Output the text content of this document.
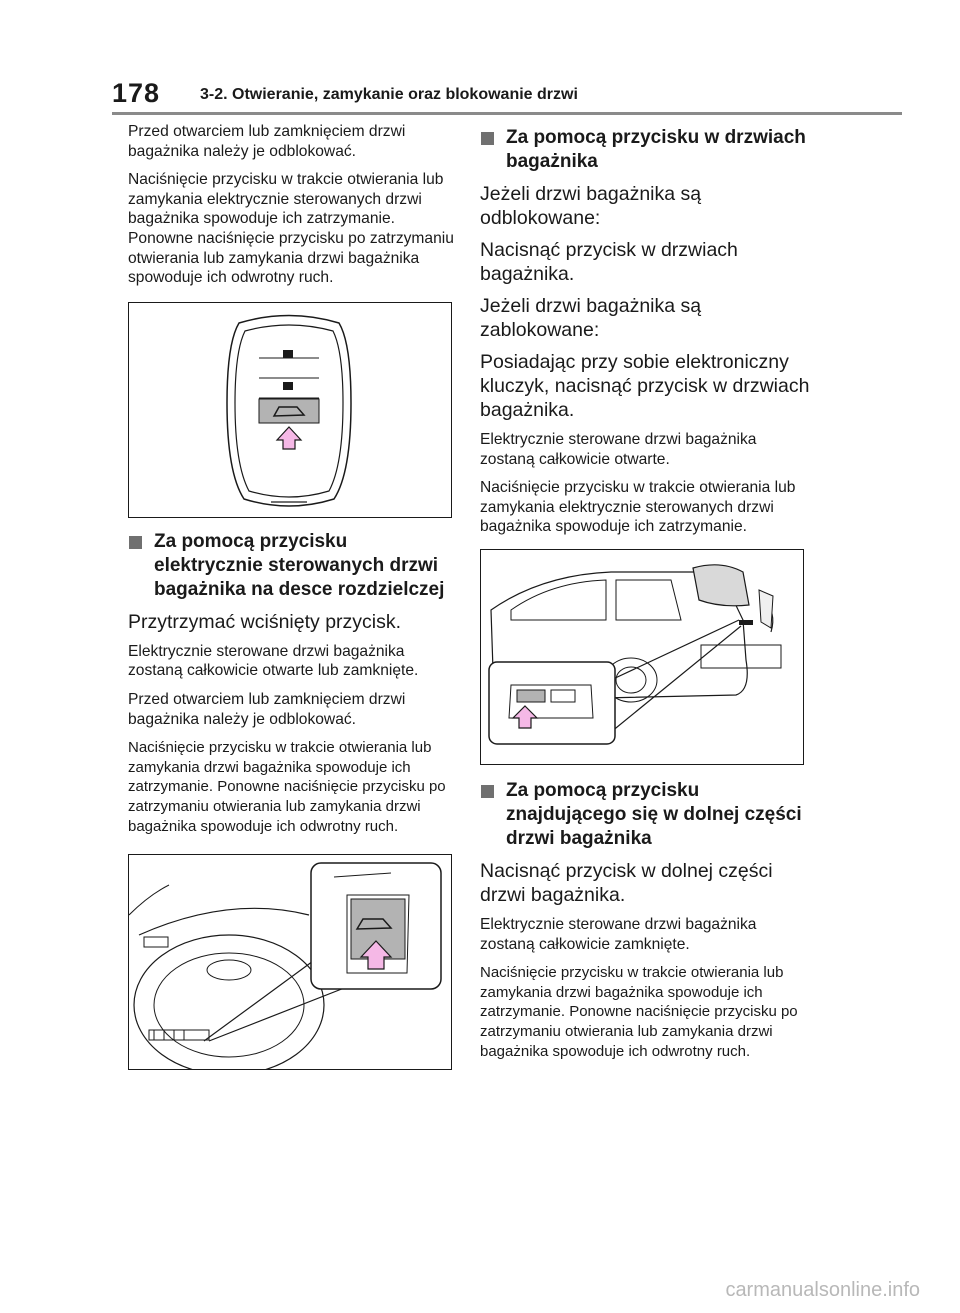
178 3-2. Otwieranie, zamykanie oraz blokowanie drzwi

Przed otwarciem lub zamknięciem drzwi bagażnika należy je odblokować.

Naciśnięcie przycisku w trakcie otwierania lub zamykania elektrycznie sterowanych drzwi bagażnika spowoduje ich zatrzymanie. Ponowne naciśnięcie przycisku po zatrzymaniu otwierania lub zamykania drzwi bagażnika spowoduje ich odwrotny ruch.

Za pomocą przycisku elektrycznie sterowanych drzwi bagażnika na desce rozdzielczej

Przytrzymać wciśnięty przycisk.

Elektrycznie sterowane drzwi bagażnika zostaną całkowicie otwarte lub zamknięte.

Przed otwarciem lub zamknięciem drzwi bagażnika należy je odblokować.

Naciśnięcie przycisku w trakcie otwierania lub zamykania drzwi bagażnika spowoduje ich zatrzymanie. Ponowne naciśnięcie przycisku po zatrzymaniu otwierania lub zamykania drzwi bagażnika spowoduje ich odwrotny ruch.

Za pomocą przycisku w drzwiach bagażnika

Jeżeli drzwi bagażnika są odblokowane:

Nacisnąć przycisk w drzwiach bagażnika.

Jeżeli drzwi bagażnika są zablokowane:

Posiadając przy sobie elektroniczny kluczyk, nacisnąć przycisk w drzwiach bagażnika.

Elektrycznie sterowane drzwi bagażnika zostaną całkowicie otwarte.

Naciśnięcie przycisku w trakcie otwierania lub zamykania elektrycznie sterowanych drzwi bagażnika spowoduje ich zatrzymanie.

Za pomocą przycisku znajdującego się w dolnej części drzwi bagażnika

Nacisnąć przycisk w dolnej części drzwi bagażnika.

Elektrycznie sterowane drzwi bagażnika zostaną całkowicie zamknięte.

Naciśnięcie przycisku w trakcie otwierania lub zamykania drzwi bagażnika spowoduje ich zatrzymanie. Ponowne naciśnięcie przycisku po zatrzymaniu otwierania lub zamykania drzwi bagażnika spowoduje ich odwrotny ruch.

carmanualsonline.info
